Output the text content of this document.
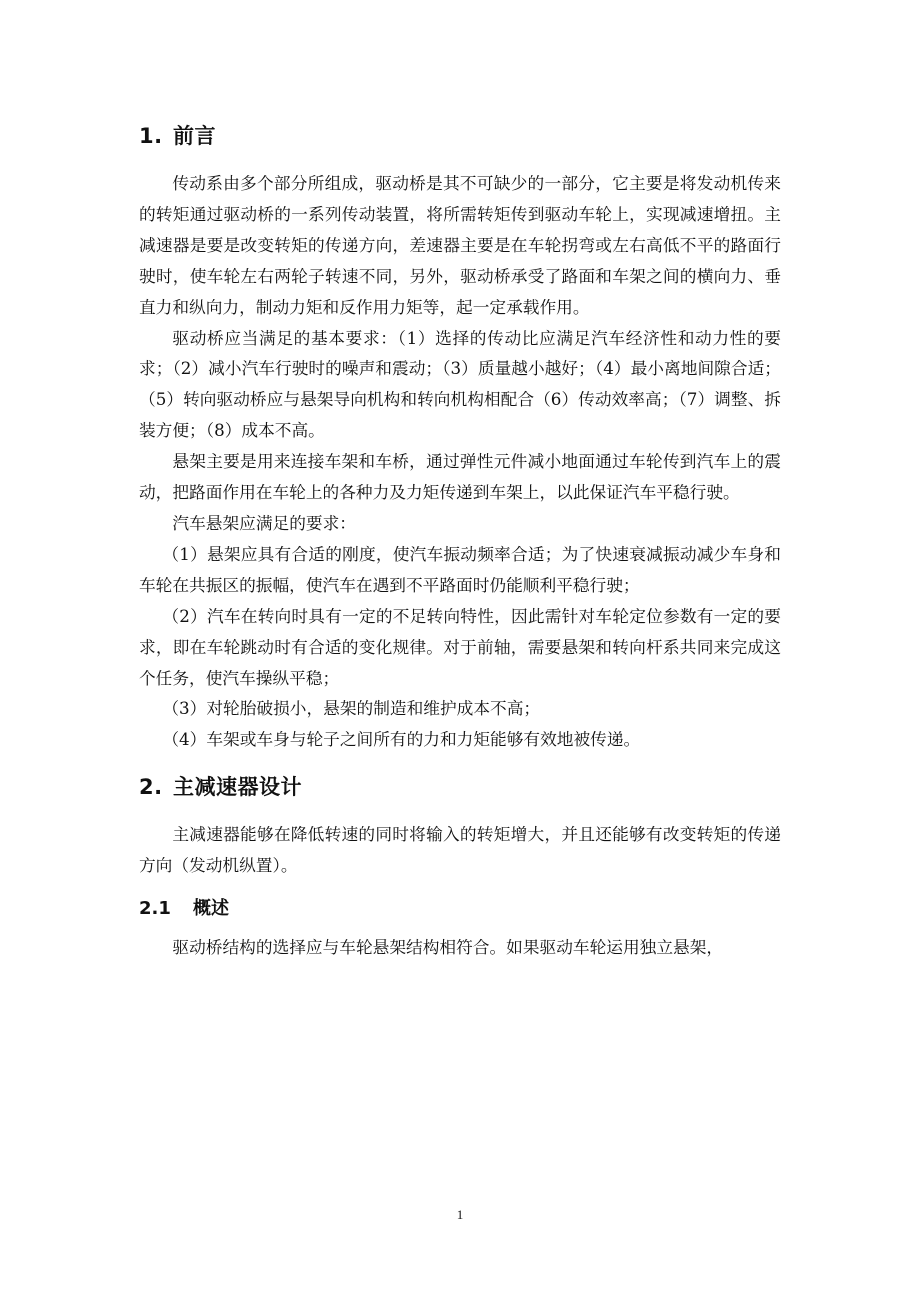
1. 前言

传动系由多个部分所组成，驱动桥是其不可缺少的一部分，它主要是将发动机传来的转矩通过驱动桥的一系列传动装置，将所需转矩传到驱动车轮上，实现减速增扭。主减速器是要是改变转矩的传递方向，差速器主要是在车轮拐弯或左右高低不平的路面行驶时，使车轮左右两轮子转速不同，另外，驱动桥承受了路面和车架之间的横向力、垂直力和纵向力，制动力矩和反作用力矩等，起一定承载作用。

驱动桥应当满足的基本要求：（1）选择的传动比应满足汽车经济性和动力性的要求；（2）减小汽车行驶时的噪声和震动；（3）质量越小越好；（4）最小离地间隙合适；（5）转向驱动桥应与悬架导向机构和转向机构相配合（6）传动效率高；（7）调整、拆装方便；（8）成本不高。

悬架主要是用来连接车架和车桥，通过弹性元件减小地面通过车轮传到汽车上的震动，把路面作用在车轮上的各种力及力矩传递到车架上，以此保证汽车平稳行驶。

汽车悬架应满足的要求：

（1）悬架应具有合适的刚度，使汽车振动频率合适；为了快速衰减振动减少车身和车轮在共振区的振幅，使汽车在遇到不平路面时仍能顺利平稳行驶；

（2）汽车在转向时具有一定的不足转向特性，因此需针对车轮定位参数有一定的要求，即在车轮跳动时有合适的变化规律。对于前轴，需要悬架和转向杆系共同来完成这个任务，使汽车操纵平稳；

（3）对轮胎破损小，悬架的制造和维护成本不高；

（4）车架或车身与轮子之间所有的力和力矩能够有效地被传递。

2. 主减速器设计

主减速器能够在降低转速的同时将输入的转矩增大，并且还能够有改变转矩的传递方向（发动机纵置）。

2.1 概述

驱动桥结构的选择应与车轮悬架结构相符合。如果驱动车轮运用独立悬架，

1
